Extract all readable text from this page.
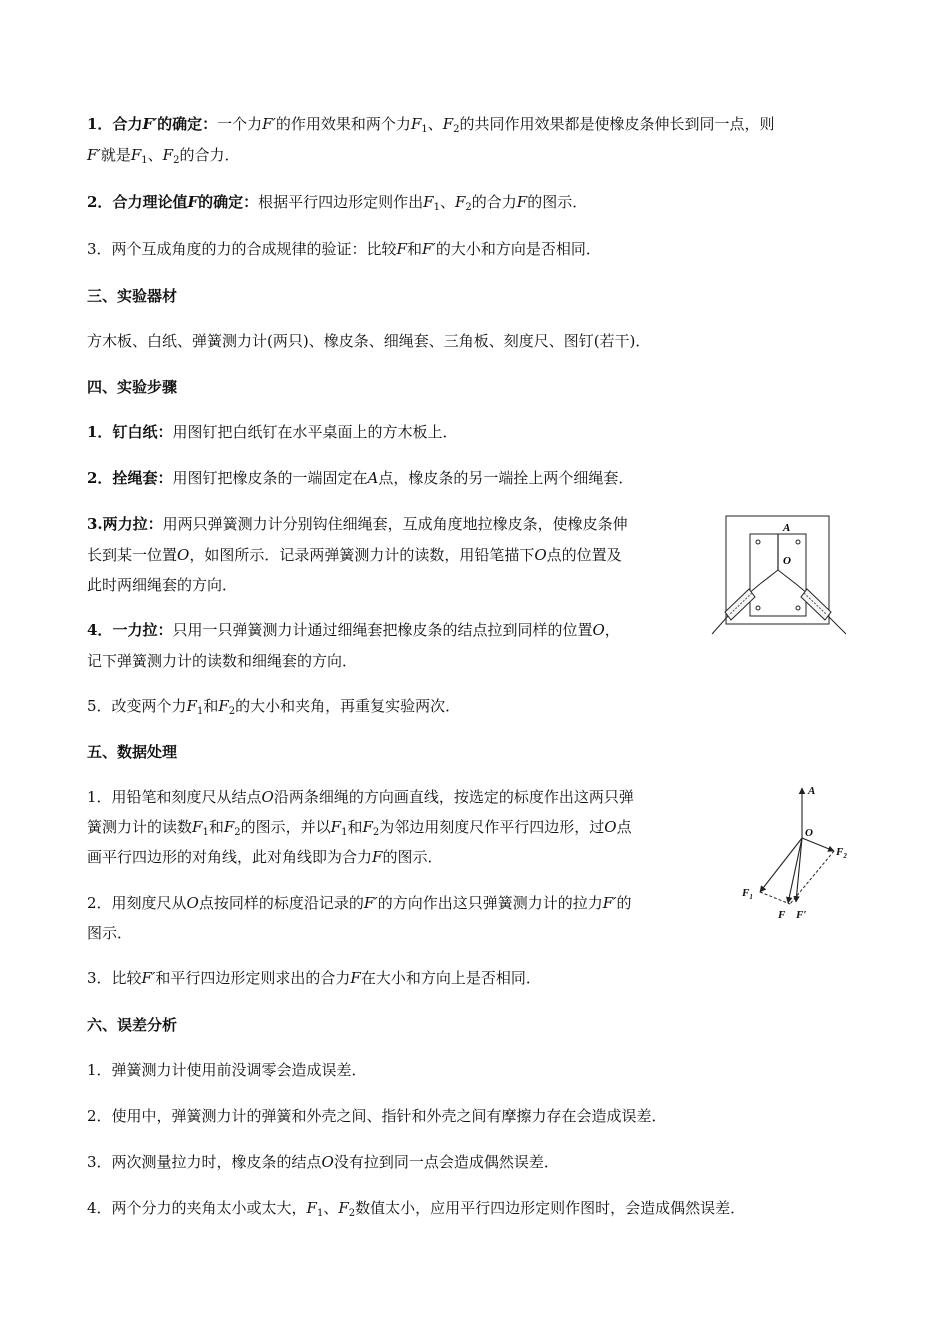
1．合力F′的确定：一个力F′的作用效果和两个力$F_1$、$F_2$的共同作用效果都是使橡皮条伸长到同一点，则
F′就是$F_1$、$F_2$的合力．
2．合力理论值F的确定：根据平行四边形定则作出$F_1$、$F_2$的合力F的图示．
3．两个互成角度的力的合成规律的验证：比较F和F′的大小和方向是否相同．
三、实验器材
方木板、白纸、弹簧测力计(两只)、橡皮条、细绳套、三角板、刻度尺、图钉(若干)．
四、实验步骤
1．钉白纸：用图钉把白纸钉在水平桌面上的方木板上．
2．拴绳套：用图钉把橡皮条的一端固定在A点，橡皮条的另一端拴上两个细绳套．
3.两力拉：用两只弹簧测力计分别钩住细绳套，互成角度地拉橡皮条，使橡皮条伸
长到某一位置O，如图所示．记录两弹簧测力计的读数，用铅笔描下O点的位置及
此时两细绳套的方向．
4．一力拉：只用一只弹簧测力计通过细绳套把橡皮条的结点拉到同样的位置O，
记下弹簧测力计的读数和细绳套的方向．
5．改变两个力$F_1$和$F_2$的大小和夹角，再重复实验两次．
A
O
五、数据处理
1．用铅笔和刻度尺从结点O沿两条细绳的方向画直线，按选定的标度作出这两只弹
簧测力计的读数$F_1$和$F_2$的图示，并以$F_1$和$F_2$为邻边用刻度尺作平行四边形，过O点
画平行四边形的对角线，此对角线即为合力F的图示．
2．用刻度尺从O点按同样的标度沿记录的F′的方向作出这只弹簧测力计的拉力F′的
图示．
3．比较F′和平行四边形定则求出的合力F在大小和方向上是否相同．
A
O
$F_2$
$F_1$
F F′
六、误差分析
1．弹簧测力计使用前没调零会造成误差．
2．使用中，弹簧测力计的弹簧和外壳之间、指针和外壳之间有摩擦力存在会造成误差．
3．两次测量拉力时，橡皮条的结点O没有拉到同一点会造成偶然误差．
4．两个分力的夹角太小或太大，$F_1$、$F_2$数值太小，应用平行四边形定则作图时，会造成偶然误差．
